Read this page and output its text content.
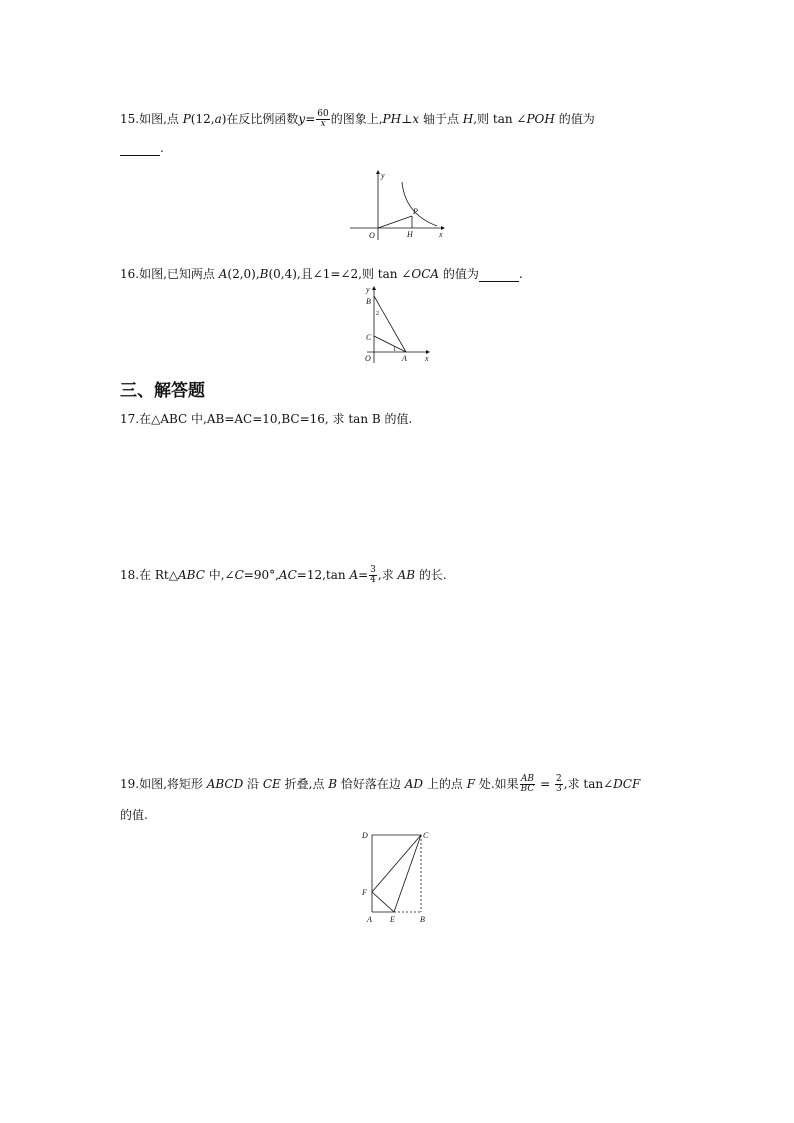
15.如图,点 P(12,a)在反比例函数$y= \frac{60}{x}$ 的图象上,PH⊥x 轴于点 H,则 tan ∠POH 的值为
.
y
x
O	H
P
16.如图,已知两点 A(2,0),B(0,4),且∠1=∠2,则 tan ∠OCA 的值为	.
y
x
B
C
O	A
1
2
三、解答题
17.在△ABC 中,AB=AC=10,BC=16, 求 tan B 的值.
18.在 Rt△ABC 中,∠C=90°,AC=12,tan $A= \frac{3}{4}$ ,求 AB 的长.
19.如图,将矩形 ABCD 沿 CE 折叠,点 B 恰好落在边 AD 上的点 F 处.如果 $\frac{AB}{BC} = \frac{2}{3}$ ,求 tan∠DCF
的值.
D	C
F
A E	B
